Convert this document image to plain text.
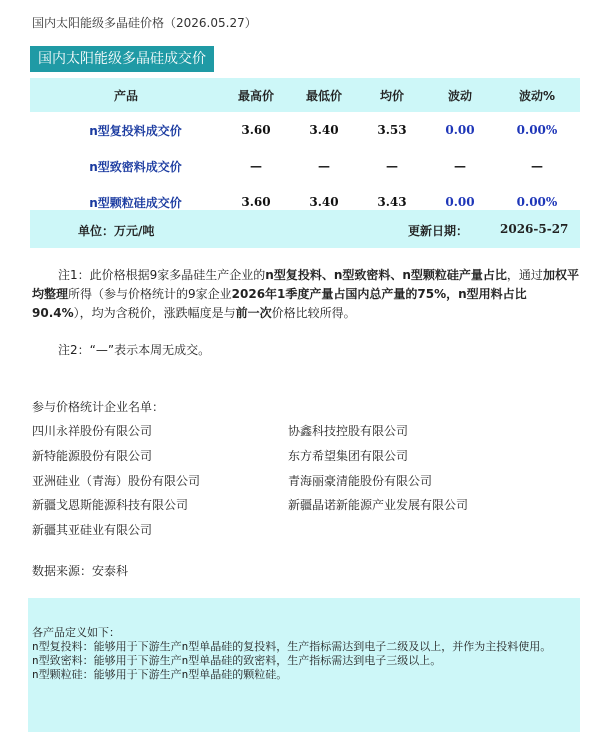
国内太阳能级多晶硅价格（2026.05.27）
国内太阳能级多晶硅成交价
产品	最高价	最低价	均价	波动	波动%
n型复投料成交价	3.60	3.40	3.53	0.00	0.00%
n型致密料成交价	—	—	—	—	—
n型颗粒硅成交价	3.60	3.40	3.43	0.00	0.00%
单位：万元/吨	更新日期：	2026-5-27
注1：此价格根据9家多晶硅生产企业的n型复投料、n型致密料、n型颗粒硅产量占比，通过加权平均整理所得（参与价格统计的9家企业2026年1季度产量占国内总产量的75%，n型用料占比90.4%），均为含税价，涨跌幅度是与前一次价格比较所得。
注2：“—”表示本周无成交。
参与价格统计企业名单：
四川永祥股份有限公司	协鑫科技控股有限公司
新特能源股份有限公司	东方希望集团有限公司
亚洲硅业（青海）股份有限公司	青海丽豪清能股份有限公司
新疆戈恩斯能源科技有限公司	新疆晶诺新能源产业发展有限公司
新疆其亚硅业有限公司
数据来源：安泰科
各产品定义如下：
n型复投料：能够用于下游生产n型单晶硅的复投料，生产指标需达到电子二级及以上，并作为主投料使用。
n型致密料：能够用于下游生产n型单晶硅的致密料，生产指标需达到电子三级以上。
n型颗粒硅：能够用于下游生产n型单晶硅的颗粒硅。
